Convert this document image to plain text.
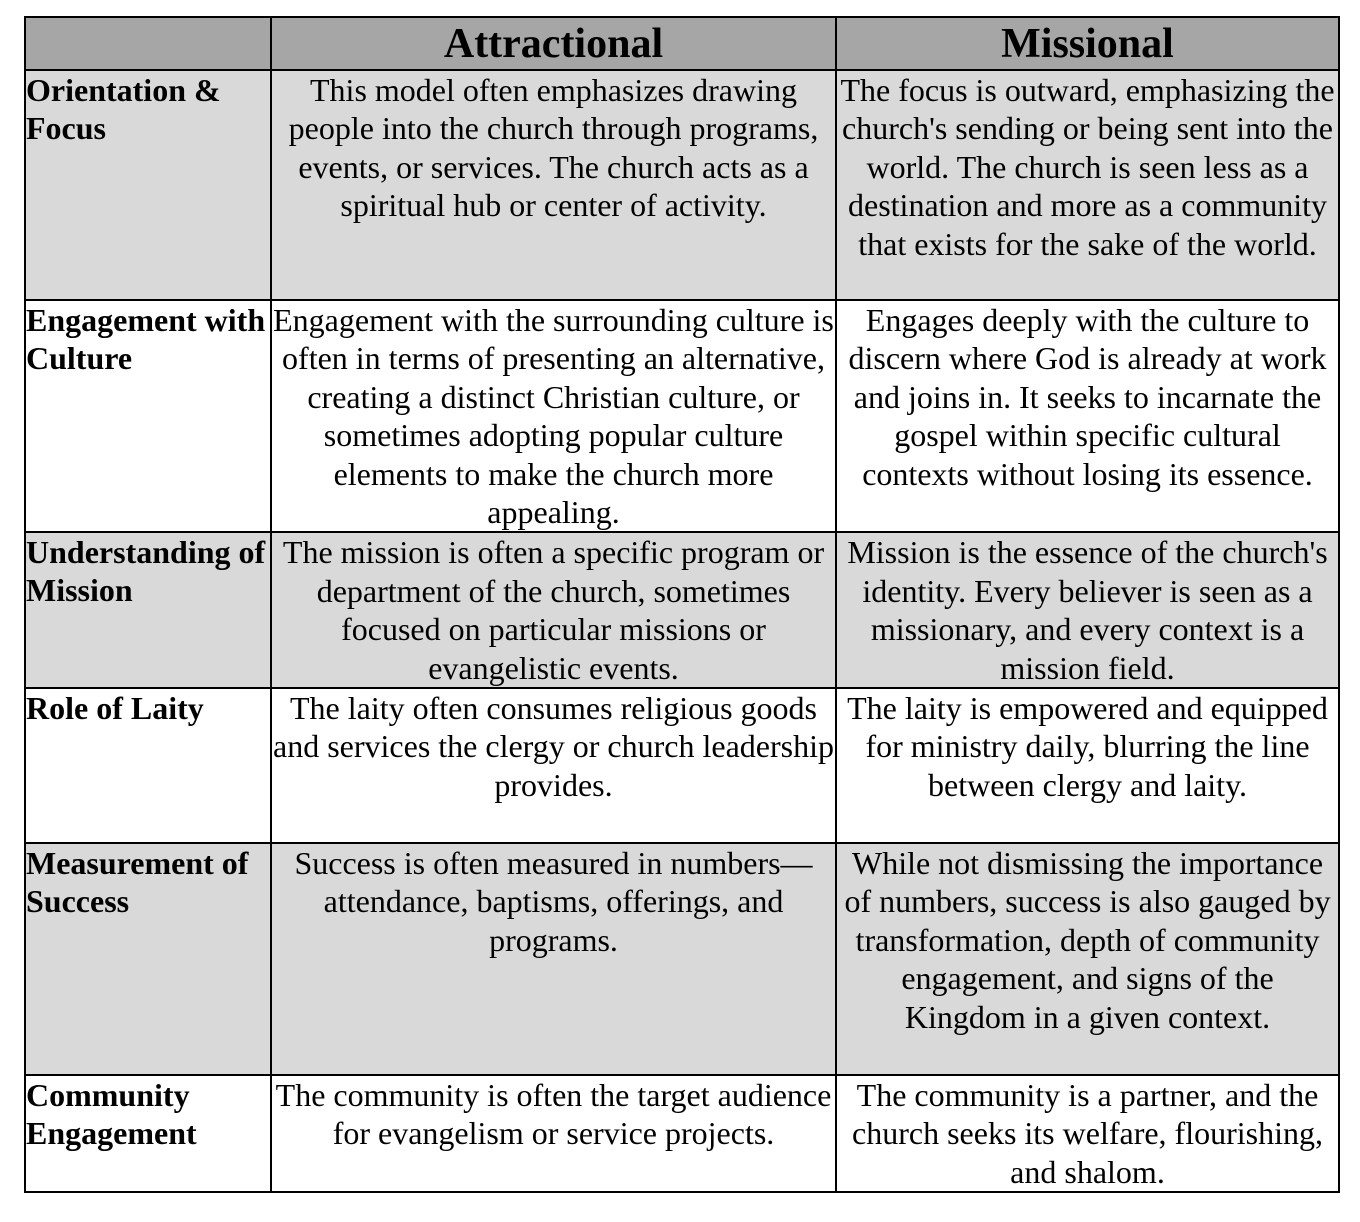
	Attractional	Missional
Orientation & Focus	This model often emphasizes drawing people into the church through programs, events, or services. The church acts as a spiritual hub or center of activity.	The focus is outward, emphasizing the church's sending or being sent into the world. The church is seen less as a destination and more as a community that exists for the sake of the world.
Engagement with Culture	Engagement with the surrounding culture is often in terms of presenting an alternative, creating a distinct Christian culture, or sometimes adopting popular culture elements to make the church more appealing.	Engages deeply with the culture to discern where God is already at work and joins in. It seeks to incarnate the gospel within specific cultural contexts without losing its essence.
Understanding of Mission	The mission is often a specific program or department of the church, sometimes focused on particular missions or evangelistic events.	Mission is the essence of the church's identity. Every believer is seen as a missionary, and every context is a mission field.
Role of Laity	The laity often consumes religious goods and services the clergy or church leadership provides.	The laity is empowered and equipped for ministry daily, blurring the line between clergy and laity.
Measurement of Success	Success is often measured in numbers—attendance, baptisms, offerings, and programs.	While not dismissing the importance of numbers, success is also gauged by transformation, depth of community engagement, and signs of the Kingdom in a given context.
Community Engagement	The community is often the target audience for evangelism or service projects.	The community is a partner, and the church seeks its welfare, flourishing, and shalom.
